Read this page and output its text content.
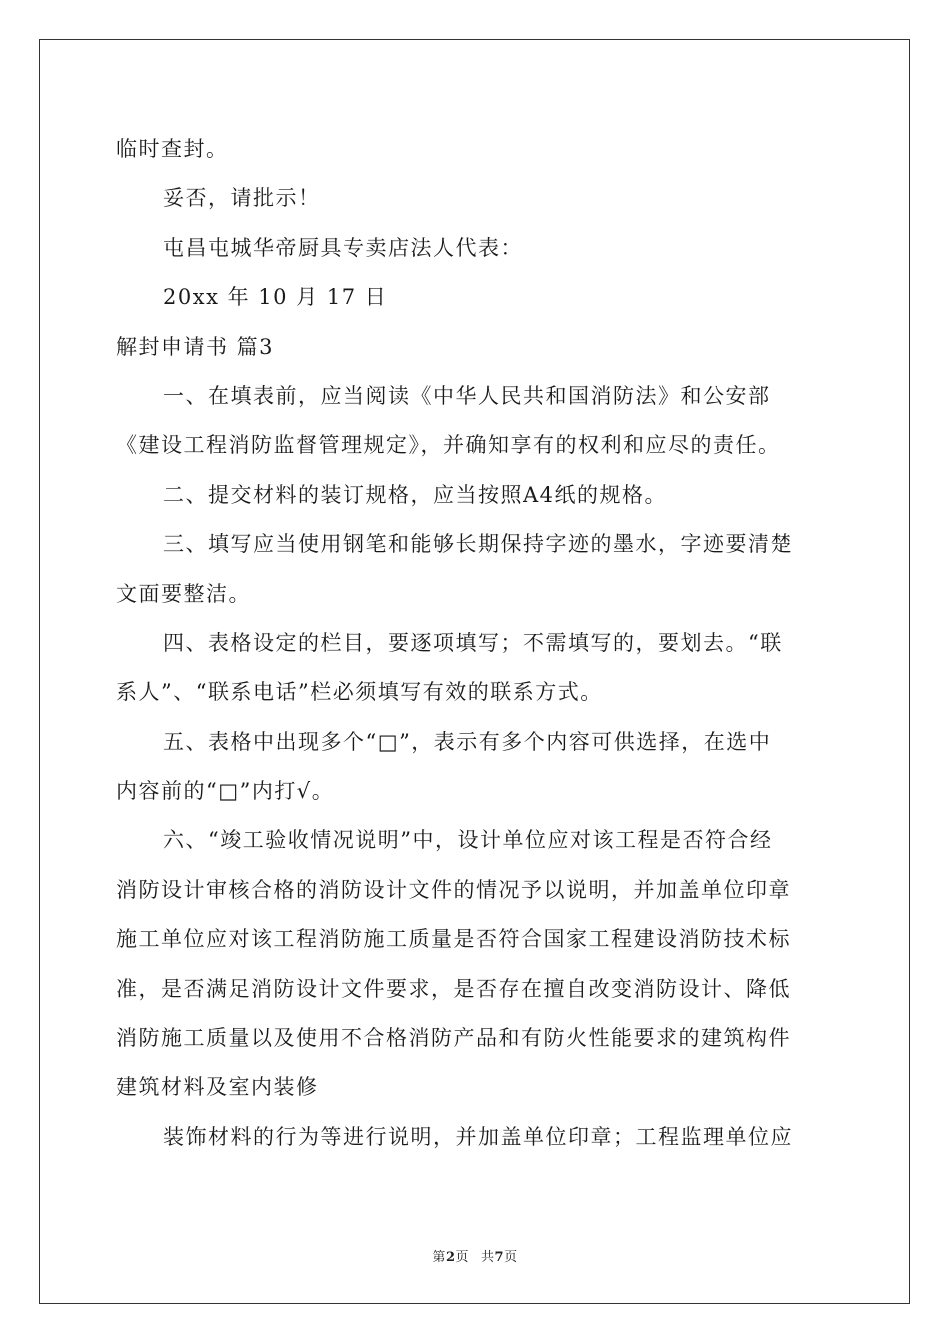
临时查封。
妥否，请批示！
屯昌屯城华帝厨具专卖店法人代表：
20xx 年 10 月 17 日
解封申请书 篇3
一、在填表前，应当阅读《中华人民共和国消防法》和公安部
《建设工程消防监督管理规定》，并确知享有的权利和应尽的责任。
二、提交材料的装订规格，应当按照A4纸的规格。
三、填写应当使用钢笔和能够长期保持字迹的墨水，字迹要清楚
文面要整洁。
四、表格设定的栏目，要逐项填写；不需填写的，要划去。“联
系人”、“联系电话”栏必须填写有效的联系方式。
五、表格中出现多个“□”，表示有多个内容可供选择，在选中
内容前的“□”内打√。
六、“竣工验收情况说明”中，设计单位应对该工程是否符合经
消防设计审核合格的消防设计文件的情况予以说明，并加盖单位印章
施工单位应对该工程消防施工质量是否符合国家工程建设消防技术标
准，是否满足消防设计文件要求，是否存在擅自改变消防设计、降低
消防施工质量以及使用不合格消防产品和有防火性能要求的建筑构件
建筑材料及室内装修
装饰材料的行为等进行说明，并加盖单位印章；工程监理单位应
第2页 共7页
